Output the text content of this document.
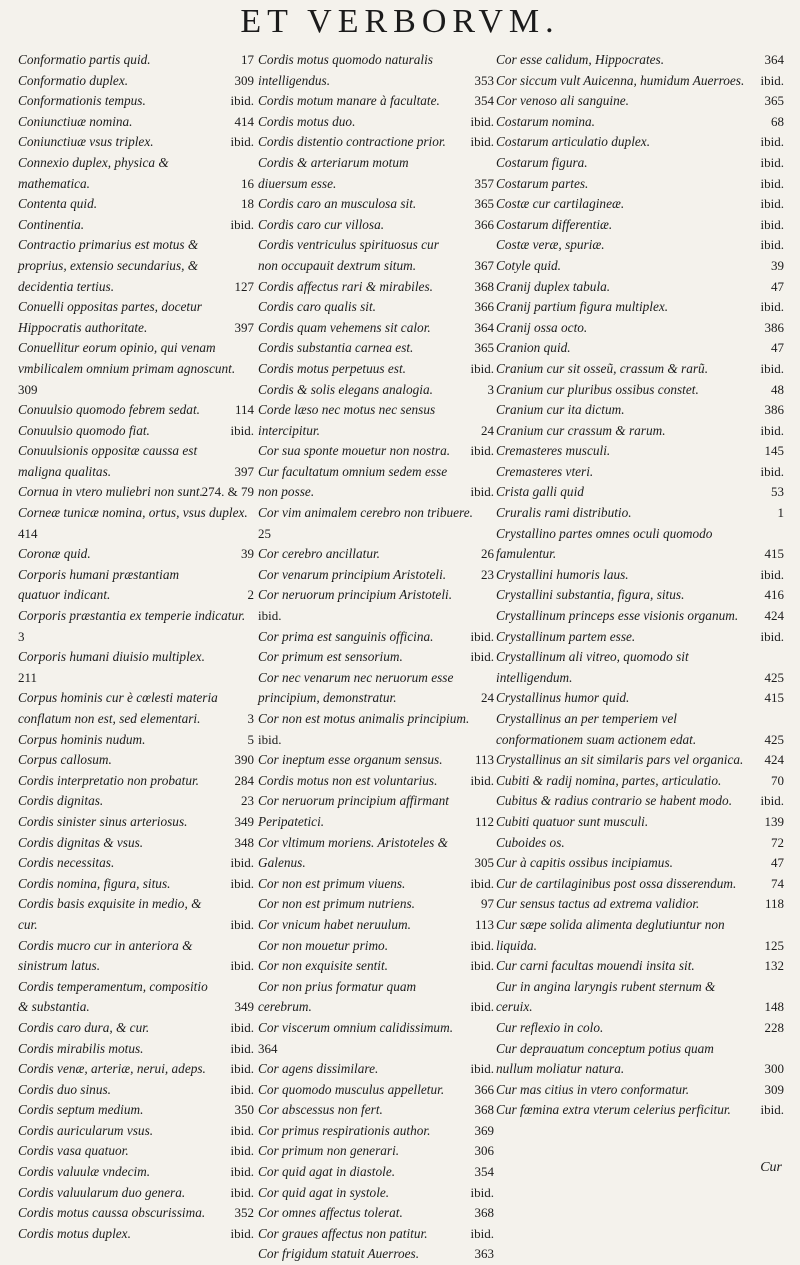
ET VERBORVM.
Conformatio partis quid.	17
Conformatio duplex.	309
Conformationis tempus.	ibid.
Coniunctiuæ nomina.	414
Coniunctiuæ vsus triplex.	ibid.
Connexio duplex, physica & mathematica.	16
Contenta quid.	18
Continentia.	ibid.
Contractio primarius est motus & proprius, extensio secundarius, & decidentia tertius.	127
Conuelli oppositas partes, docetur Hippocratis authoritate.	397
Conuellitur eorum opinio, qui venam vmbilicalem omnium primam agnoscunt.
309
Conuulsio quomodo febrem sedat.	114
Conuulsio quomodo fiat.	ibid.
Conuulsionis oppositæ caussa est maligna qualitas.	397
Cornua in vtero muliebri non sunt.
274. & 79
Corneæ tunicæ nomina, ortus, vsus duplex.
414
Coronæ quid.	39
Corporis humani præstantiam quatuor indicant.	2
Corporis præstantia ex temperie indicatur.
3
Corporis humani diuisio multiplex.
211
Corpus hominis cur è cœlesti materia conflatum non est, sed elementari.	3
Corpus hominis nudum.	5
Corpus callosum.	390
Cordis interpretatio non probatur.	284
Cordis dignitas.	23
Cordis sinister sinus arteriosus.	349
Cordis dignitas & vsus.	348
Cordis necessitas.	ibid.
Cordis nomina, figura, situs.	ibid.
Cordis basis exquisite in medio, & cur.	ibid.
Cordis mucro cur in anteriora & sinistrum latus.	ibid.
Cordis temperamentum, compositio & substantia.	349
Cordis caro dura, & cur.	ibid.
Cordis mirabilis motus.	ibid.
Cordis venæ, arteriæ, nerui, adeps.	ibid.
Cordis duo sinus.	ibid.
Cordis septum medium.	350
Cordis auricularum vsus.	ibid.
Cordis vasa quatuor.	ibid.
Cordis valuulæ vndecim.	ibid.
Cordis valuularum duo genera.	ibid.
Cordis motus caussa obscurissima.	352
Cordis motus duplex.	ibid.
Cordis motus quomodo naturalis intelligendus.	353
Cordis motum manare à facultate.	354
Cordis motus duo.	ibid.
Cordis distentio contractione prior.	ibid.
Cordis & arteriarum motum diuersum esse.	357
Cordis caro an musculosa sit.	365
Cordis caro cur villosa.	366
Cordis ventriculus spirituosus cur non occupauit dextrum situm.	367
Cordis affectus rari & mirabiles.	368
Cordis caro qualis sit.	366
Cordis quam vehemens sit calor.	364
Cordis substantia carnea est.	365
Cordis motus perpetuus est.	ibid.
Cordis & solis elegans analogia.	3
Corde læso nec motus nec sensus intercipitur.	24
Cor sua sponte mouetur non nostra.	ibid.
Cur facultatum omnium sedem esse non posse.	ibid.
Cor vim animalem cerebro non tribuere.
25
Cor cerebro ancillatur.	26
Cor venarum principium Aristoteli.	23
Cor neruorum principium Aristoteli.
ibid.
Cor prima est sanguinis officina.	ibid.
Cor primum est sensorium.	ibid.
Cor nec venarum nec neruorum esse principium, demonstratur.	24
Cor non est motus animalis principium.
ibid.
Cor ineptum esse organum sensus.	113
Cordis motus non est voluntarius.	ibid.
Cor neruorum principium affirmant Peripatetici.	112
Cor vltimum moriens. Aristoteles & Galenus.	305
Cor non est primum viuens.	ibid.
Cor non est primum nutriens.	97
Cor vnicum habet neruulum.	113
Cor non mouetur primo.	ibid.
Cor non exquisite sentit.	ibid.
Cor non prius formatur quam cerebrum.	ibid.
Cor viscerum omnium calidissimum.
364
Cor agens dissimilare.	ibid.
Cor quomodo musculus appelletur.	366
Cor abscessus non fert.	368
Cor primus respirationis author.	369
Cor primum non generari.	306
Cor quid agat in diastole.	354
Cor quid agat in systole.	ibid.
Cor omnes affectus tolerat.	368
Cor graues affectus non patitur.	ibid.
Cor frigidum statuit Auerroes.	363
Cor esse calidum, Hippocrates.	364
Cor siccum vult Auicenna, humidum Auerroes.	ibid.
Cor venoso ali sanguine.	365
Costarum nomina.	68
Costarum articulatio duplex.	ibid.
Costarum figura.	ibid.
Costarum partes.	ibid.
Costæ cur cartilagineæ.	ibid.
Costarum differentiæ.	ibid.
Costæ veræ, spuriæ.	ibid.
Cotyle quid.	39
Cranij duplex tabula.	47
Cranij partium figura multiplex.	ibid.
Cranij ossa octo.	386
Cranion quid.	47
Cranium cur sit osseũ, crassum & rarũ.	ibid.
Cranium cur pluribus ossibus constet.	48
Cranium cur ita dictum.	386
Cranium cur crassum & rarum.	ibid.
Cremasteres musculi.	145
Cremasteres vteri.	ibid.
Crista galli quid	53
Cruralis rami distributio.	1
Crystallino partes omnes oculi quomodo famulentur.	415
Crystallini humoris laus.	ibid.
Crystallini substantia, figura, situs.	416
Crystallinum princeps esse visionis organum.	424
Crystallinum partem esse.	ibid.
Crystallinum ali vitreo, quomodo sit intelligendum.	425
Crystallinus humor quid.	415
Crystallinus an per temperiem vel conformationem suam actionem edat.	425
Crystallinus an sit similaris pars vel organica.	424
Cubiti & radij nomina, partes, articulatio.	70
Cubitus & radius contrario se habent modo.	ibid.
Cubiti quatuor sunt musculi.	139
Cuboides os.	72
Cur à capitis ossibus incipiamus.	47
Cur de cartilaginibus post ossa disserendum.	74
Cur sensus tactus ad extrema validior.	118
Cur sæpe solida alimenta deglutiuntur non liquida.	125
Cur carni facultas mouendi insita sit.	132
Cur in angina laryngis rubent sternum & ceruix.	148
Cur reflexio in colo.	228
Cur deprauatum conceptum potius quam nullum moliatur natura.	300
Cur mas citius in vtero conformatur.	309
Cur fœmina extra vterum celerius perficitur.	ibid.
Cur
